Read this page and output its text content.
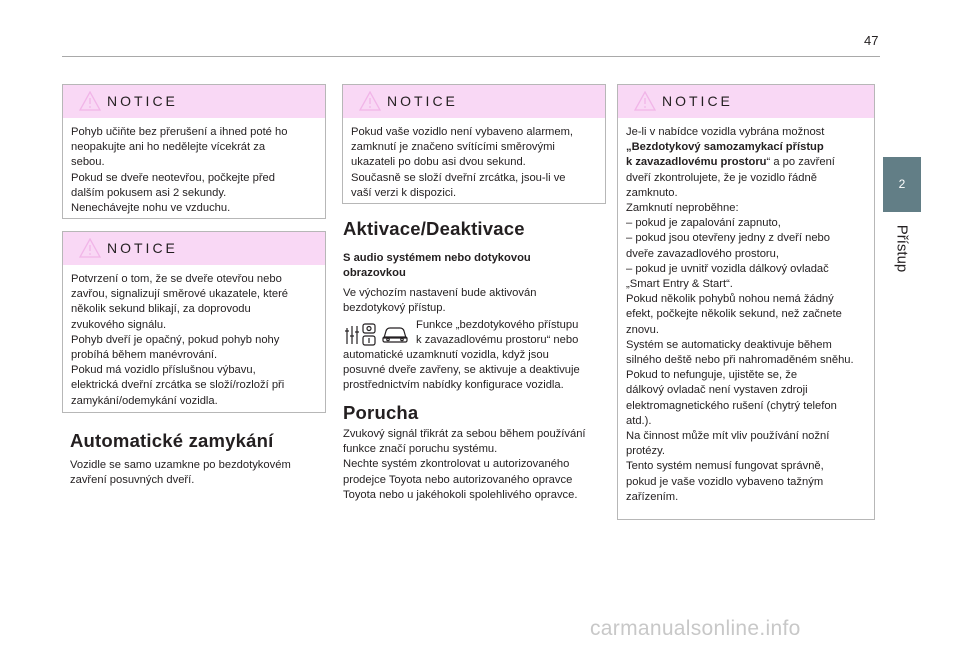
47
2
Přístup
NOTICE

Pohyb učiňte bez přerušení a ihned poté ho

neopakujte ani ho nedělejte vícekrát za

sebou.

Pokud se dveře neotevřou, počkejte před

dalším pokusem asi 2 sekundy.

Nenechávejte nohu ve vzduchu.

NOTICE

Potvrzení o tom, že se dveře otevřou nebo

zavřou, signalizují směrové ukazatele, které

několik sekund blikají, za doprovodu

zvukového signálu.

Pohyb dveří je opačný, pokud pohyb nohy

probíhá během manévrování.

Pokud má vozidlo příslušnou výbavu,

elektrická dveřní zrcátka se složí/rozloží při

zamykání/odemykání vozidla.

Automatické zamykání

Vozidle se samo uzamkne po bezdotykovém

zavření posuvných dveří.

NOTICE

Pokud vaše vozidlo není vybaveno alarmem,

zamknutí je značeno svítícími směrovými

ukazateli po dobu asi dvou sekund.

Současně se složí dveřní zrcátka, jsou-li ve

vaší verzi k dispozici.

Aktivace/Deaktivace
S audio systémem nebo dotykovou
obrazovkou

Ve výchozím nastavení bude aktivován

bezdotykový přístup.

Funkce „bezdotykového přístupu

k zavazadlovému prostoru“ nebo

automatické uzamknutí vozidla, když jsou

posuvné dveře zavřeny, se aktivuje a deaktivuje

prostřednictvím nabídky konfigurace vozidla.

Porucha

Zvukový signál třikrát za sebou během používání

funkce značí poruchu systému.

Nechte systém zkontrolovat u autorizovaného

prodejce Toyota nebo autorizovaného opravce

Toyota nebo u jakéhokoli spolehlivého opravce.

NOTICE

Je-li v nabídce vozidla vybrána možnost

„Bezdotykový samozamykací přístup

k zavazadlovému prostoru“ a po zavření

dveří zkontrolujete, že je vozidlo řádně

zamknuto.

Zamknutí neproběhne:

– pokud je zapalování zapnuto,

– pokud jsou otevřeny jedny z dveří nebo

dveře zavazadlového prostoru,

– pokud je uvnitř vozidla dálkový ovladač

„Smart Entry & Start“.

Pokud několik pohybů nohou nemá žádný

efekt, počkejte několik sekund, než začnete

znovu.

Systém se automaticky deaktivuje během

silného deště nebo při nahromaděném sněhu.

Pokud to nefunguje, ujistěte se, že

dálkový ovladač není vystaven zdroji

elektromagnetického rušení (chytrý telefon

atd.).

Na činnost může mít vliv používání nožní

protézy.

Tento systém nemusí fungovat správně,

pokud je vaše vozidlo vybaveno tažným

zařízením.

carmanualsonline.info
